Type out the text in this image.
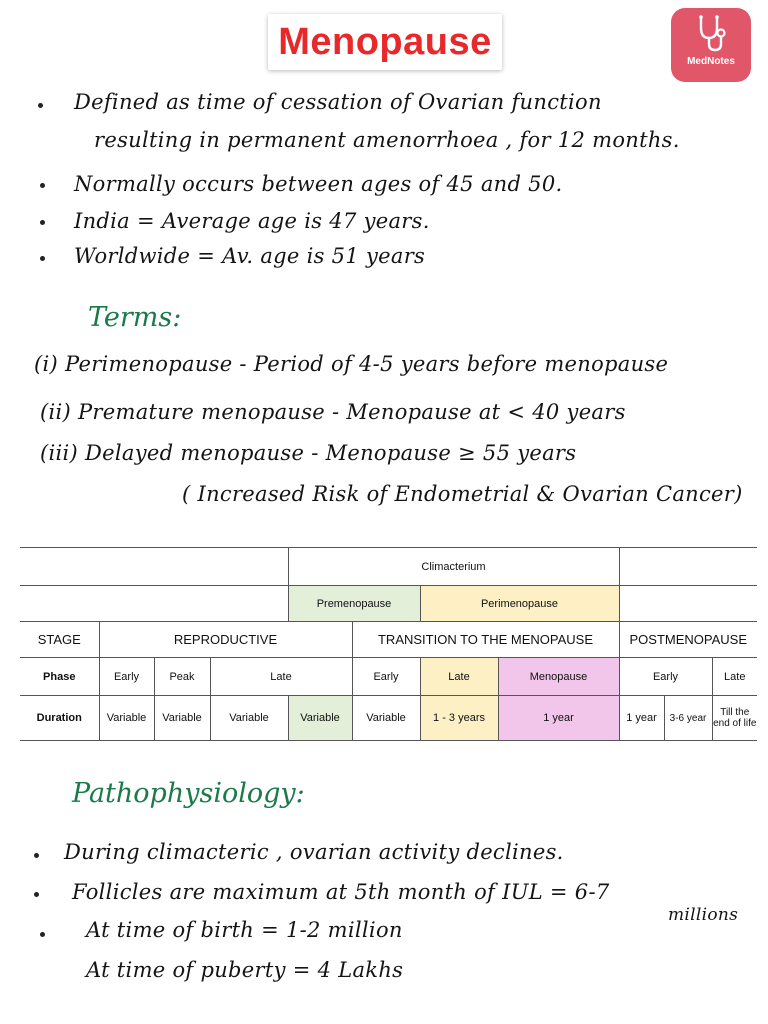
Menopause	MedNotes
Defined as time of cessation of Ovarian function
resulting in permanent amenorrhoea , for 12 months.
Normally occurs between ages of 45 and 50.
India = Average age is 47 years.
Worldwide = Av. age is 51 years
Terms:
(i) Perimenopause - Period of 4-5 years before menopause
(ii) Premature menopause - Menopause at < 40 years
(iii) Delayed menopause - Menopause ≥ 55 years
( Increased Risk of Endometrial & Ovarian Cancer)
				Climacterium						
				Premenopause		Perimenopause				
STAGE	REPRODUCTIVE				TRANSITION TO THE MENOPAUSE			POSTMENOPAUSE		
Phase	Early	Peak	Late		Early	Late	Menopause	Early		Late
Duration	Variable	Variable	Variable	Variable	Variable	1 - 3 years	1 year	1 year	3-6 year	Till the end of life
Pathophysiology:
During climacteric , ovarian activity declines.
Follicles are maximum at 5th month of IUL = 6-7
millions
At time of birth = 1-2 million
At time of puberty = 4 Lakhs
